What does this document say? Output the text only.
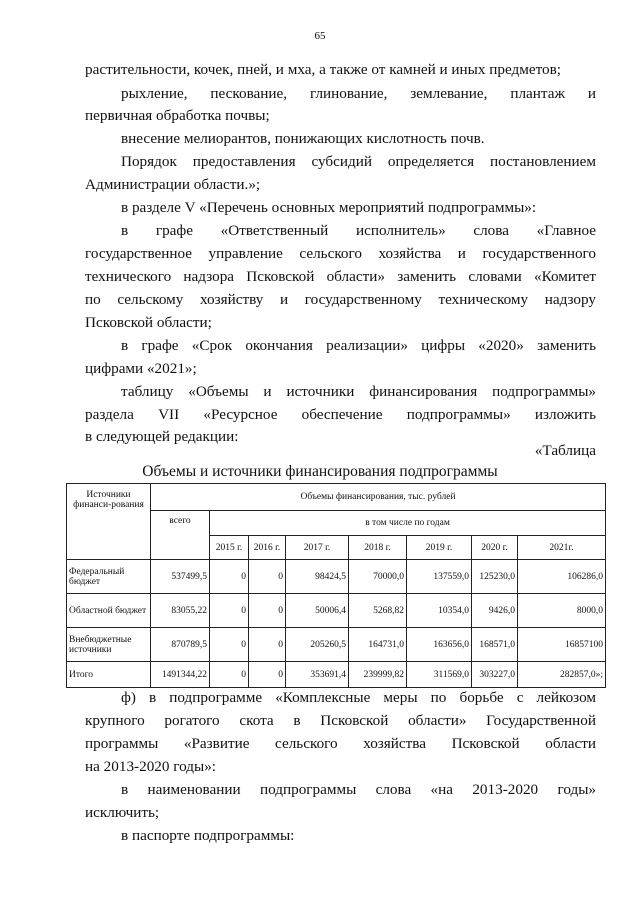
65
растительности, кочек, пней, и мха, а также от камней и иных предметов;
рыхление, пескование, глинование, землевание, плантаж и
первичная обработка почвы;
внесение мелиорантов, понижающих кислотность почв.
Порядок предоставления субсидий определяется постановлением
Администрации области.»;
в разделе V «Перечень основных мероприятий подпрограммы»:
в графе «Ответственный исполнитель» слова «Главное
государственное управление сельского хозяйства и государственного
технического надзора Псковской области» заменить словами «Комитет
по сельскому хозяйству и государственному техническому надзору
Псковской области;
в графе «Срок окончания реализации» цифры «2020» заменить
цифрами «2021»;
таблицу «Объемы и источники финансирования подпрограммы»
раздела VII «Ресурсное обеспечение подпрограммы» изложить
в следующей редакции:
«Таблица
Объемы и источники финансирования подпрограммы
Источники финанси-рования	Объемы финансирования, тыс. рублей							
	всего	в том числе по годам						
		2015 г.	2016 г.	2017 г.	2018 г.	2019 г.	2020 г.	2021г.
Федеральный бюджет	537499,5	0	0	98424,5	70000,0	137559,0	125230,0	106286,0
Областной бюджет	83055,22	0	0	50006,4	5268,82	10354,0	9426,0	8000,0
Внебюджетные источники	870789,5	0	0	205260,5	164731,0	163656,0	168571,0	16857100
Итого	1491344,22	0	0	353691,4	239999,82	311569,0	303227,0	282857,0»;
ф) в подпрограмме «Комплексные меры по борьбе с лейкозом
крупного рогатого скота в Псковской области» Государственной
программы «Развитие сельского хозяйства Псковской области
на 2013-2020 годы»:
в наименовании подпрограммы слова «на 2013-2020 годы»
исключить;
в паспорте подпрограммы:
